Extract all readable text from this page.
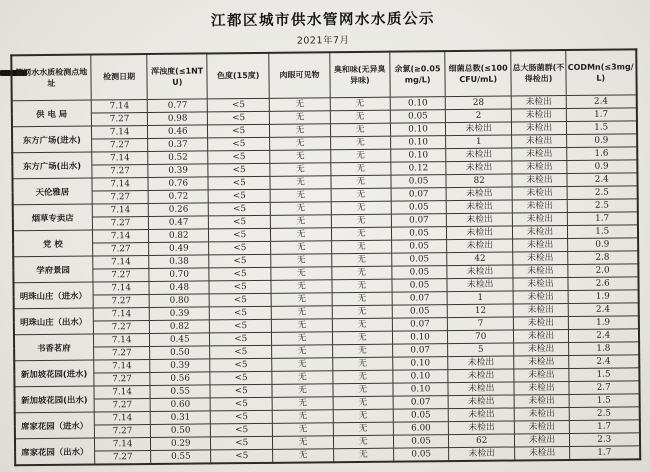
江都区城市供水管网水水质公示
2021年7月
管网水水质检测点地址	检测日期	浑浊度(≤1NTU)	色度(15度)	肉眼可见物	臭和味(无异臭异味)	余氯(≥0.05mg/L)	细菌总数(≤100CFU/mL)	总大肠菌群(不得检出)	CODMn(≤3mg/L)
供 电 局	7.14	0.77	<5	无	无	0.10	28	未检出	2.4
	7.27	0.98	<5	无	无	0.05	2	未检出	1.7
东方广场(进水)	7.14	0.46	<5	无	无	0.10	未检出	未检出	1.5
	7.27	0.37	<5	无	无	0.10	1	未检出	0.9
东方广场(出水)	7.14	0.52	<5	无	无	0.10	未检出	未检出	1.6
	7.27	0.39	<5	无	无	0.12	未检出	未检出	0.9
天伦雅居	7.14	0.76	<5	无	无	0.05	82	未检出	2.4
	7.27	0.72	<5	无	无	0.07	未检出	未检出	2.5
烟草专卖店	7.14	0.26	<5	无	无	0.05	未检出	未检出	2.5
	7.27	0.47	<5	无	无	0.07	未检出	未检出	1.7
党 校	7.14	0.82	<5	无	无	0.05	未检出	未检出	1.5
	7.27	0.49	<5	无	无	0.05	未检出	未检出	0.9
学府景园	7.14	0.38	<5	无	无	0.05	42	未检出	2.8
	7.27	0.70	<5	无	无	0.05	未检出	未检出	2.0
明珠山庄（进水）	7.14	0.48	<5	无	无	0.05	未检出	未检出	2.6
	7.27	0.80	<5	无	无	0.07	1	未检出	1.9
明珠山庄（出水）	7.14	0.39	<5	无	无	0.05	12	未检出	2.4
	7.27	0.82	<5	无	无	0.07	7	未检出	1.9
书香茗府	7.14	0.45	<5	无	无	0.10	70	未检出	2.4
	7.27	0.50	<5	无	无	0.07	5	未检出	1.8
新加坡花园(进水)	7.14	0.39	<5	无	无	0.10	未检出	未检出	2.4
	7.27	0.56	<5	无	无	0.10	未检出	未检出	1.5
新加坡花园(出水)	7.14	0.55	<5	无	无	0.10	未检出	未检出	2.7
	7.27	0.60	<5	无	无	0.07	未检出	未检出	1.5
席家花园（进水）	7.14	0.31	<5	无	无	0.05	未检出	未检出	2.5
	7.27	0.50	<5	无	无	6.00	未检出	未检出	1.7
席家花园（出水）	7.14	0.29	<5	无	无	0.05	62	未检出	2.3
	7.27	0.55	<5	无	无	0.05	未检出	未检出	1.7
